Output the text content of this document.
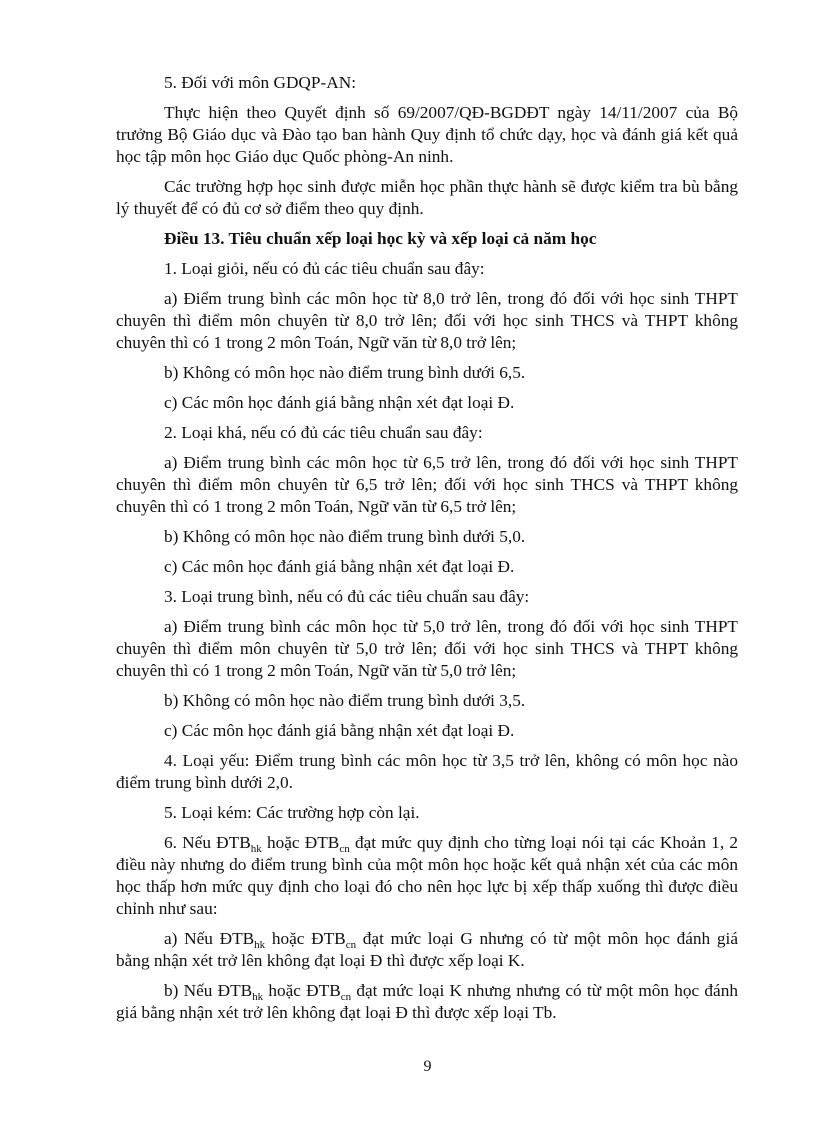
5. Đối với môn GDQP-AN:

Thực hiện theo Quyết định số 69/2007/QĐ-BGDĐT ngày 14/11/2007 của Bộ trưởng Bộ Giáo dục và Đào tạo ban hành Quy định tổ chức dạy, học và đánh giá kết quả học tập môn học Giáo dục Quốc phòng-An ninh.

Các trường hợp học sinh được miễn học phần thực hành sẽ được kiểm tra bù bằng lý thuyết để có đủ cơ sở điểm theo quy định.

Điều 13. Tiêu chuẩn xếp loại học kỳ và xếp loại cả năm học

1. Loại giỏi, nếu có đủ các tiêu chuẩn sau đây:

a) Điểm trung bình các môn học từ 8,0 trở lên, trong đó đối với học sinh THPT chuyên thì điểm môn chuyên từ 8,0 trở lên; đối với học sinh THCS và THPT không chuyên thì có 1 trong 2 môn Toán, Ngữ văn từ 8,0 trở lên;

b) Không có môn học nào điểm trung bình dưới 6,5.

c) Các môn học đánh giá bằng nhận xét đạt loại Đ.

2. Loại khá, nếu có đủ các tiêu chuẩn sau đây:

a) Điểm trung bình các môn học từ 6,5 trở lên, trong đó đối với học sinh THPT chuyên thì điểm môn chuyên từ 6,5 trở lên; đối với học sinh THCS và THPT không chuyên thì có 1 trong 2 môn Toán, Ngữ văn từ 6,5 trở lên;

b) Không có môn học nào điểm trung bình dưới 5,0.

c) Các môn học đánh giá bằng nhận xét đạt loại Đ.

3. Loại trung bình, nếu có đủ các tiêu chuẩn sau đây:

a) Điểm trung bình các môn học từ 5,0 trở lên, trong đó đối với học sinh THPT chuyên thì điểm môn chuyên từ 5,0 trở lên; đối với học sinh THCS và THPT không chuyên thì có 1 trong 2 môn Toán, Ngữ văn từ 5,0 trở lên;

b) Không có môn học nào điểm trung bình dưới 3,5.

c) Các môn học đánh giá bằng nhận xét đạt loại Đ.

4. Loại yếu: Điểm trung bình các môn học từ 3,5 trở lên, không có môn học nào điểm trung bình dưới 2,0.

5. Loại kém: Các trường hợp còn lại.

6. Nếu $ĐTB_{hk}$ hoặc $ĐTB_{cn}$ đạt mức quy định cho từng loại nói tại các Khoản 1, 2 điều này nhưng do điểm trung bình của một môn học hoặc kết quả nhận xét của các môn học thấp hơn mức quy định cho loại đó cho nên học lực bị xếp thấp xuống thì được điều chỉnh như sau:

a) Nếu $ĐTB_{hk}$ hoặc $ĐTB_{cn}$ đạt mức loại G nhưng có từ một môn học đánh giá bằng nhận xét trở lên không đạt loại Đ thì được xếp loại K.

b) Nếu $ĐTB_{hk}$ hoặc $ĐTB_{cn}$ đạt mức loại K nhưng nhưng có từ một môn học đánh giá bằng nhận xét trở lên không đạt loại Đ thì được xếp loại Tb.

9
